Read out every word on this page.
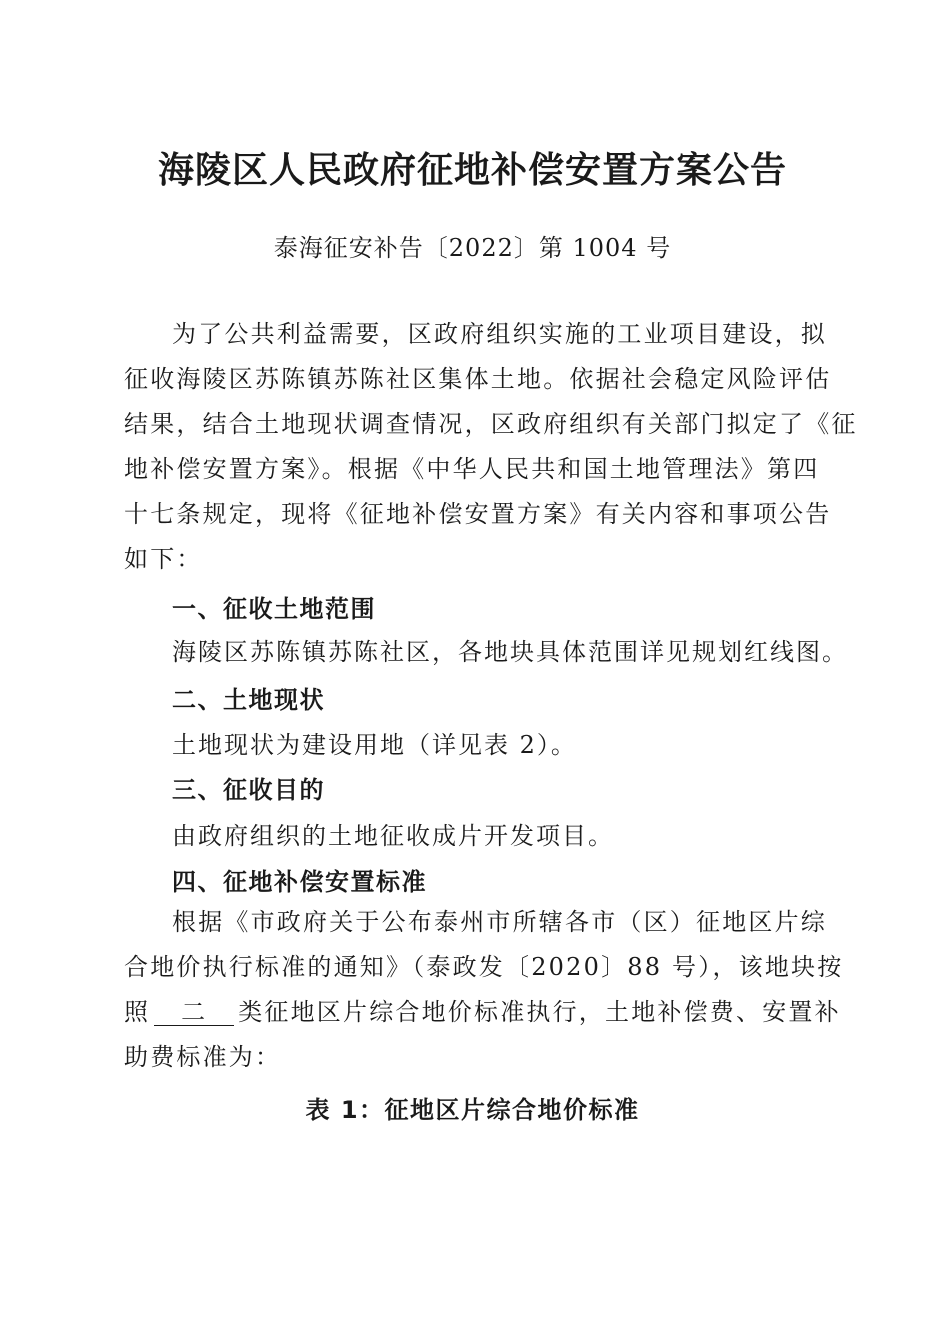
海陵区人民政府征地补偿安置方案公告
泰海征安补告〔2022〕第 1004 号
为了公共利益需要，区政府组织实施的工业项目建设，拟
征收海陵区苏陈镇苏陈社区集体土地。依据社会稳定风险评估
结果，结合土地现状调查情况，区政府组织有关部门拟定了《征
地补偿安置方案》。根据《中华人民共和国土地管理法》第四
十七条规定，现将《征地补偿安置方案》有关内容和事项公告
如下：
一、征收土地范围
海陵区苏陈镇苏陈社区，各地块具体范围详见规划红线图。
二、土地现状
土地现状为建设用地（详见表 2）。
三、征收目的
由政府组织的土地征收成片开发项目。
四、征地补偿安置标准
根据《市政府关于公布泰州市所辖各市（区）征地区片综
合地价执行标准的通知》（泰政发〔2020〕88 号），该地块按
照 二 类征地区片综合地价标准执行，土地补偿费、安置补
助费标准为：
表 1：征地区片综合地价标准
